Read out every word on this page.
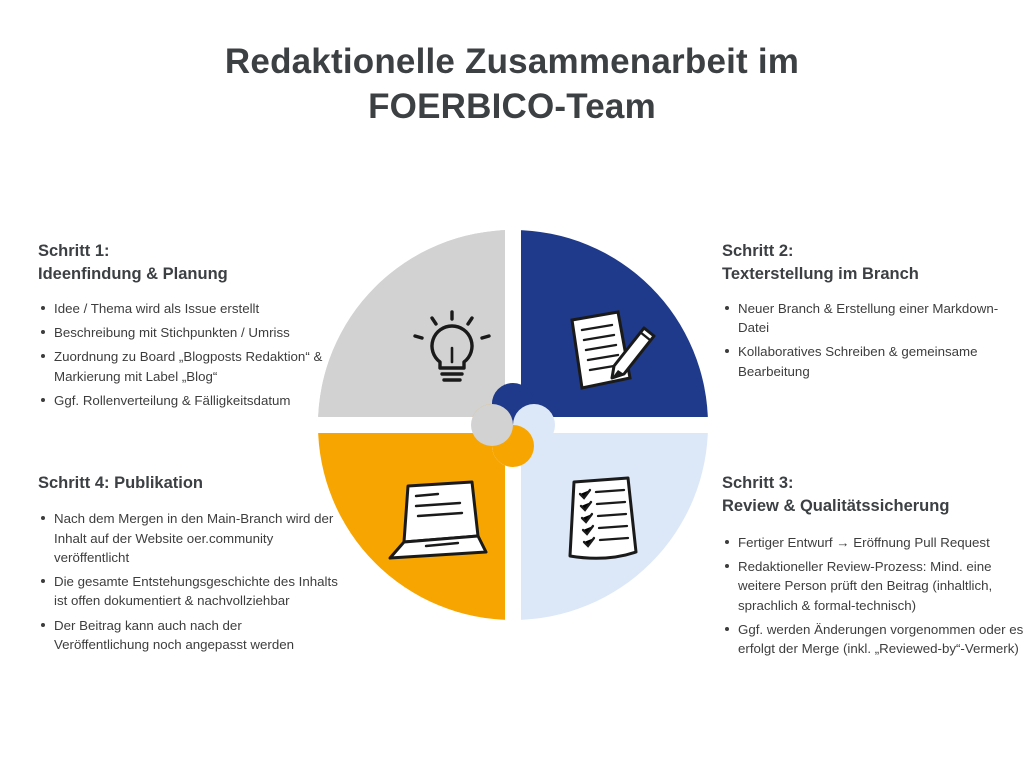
Redaktionelle Zusammenarbeit im
FOERBICO-Team
Schritt 1:
Ideenfindung & Planung
Idee / Thema wird als Issue erstellt
Beschreibung mit Stichpunkten / Umriss
Zuordnung zu Board „Blogposts Redaktion“ & Markierung mit Label „Blog“
Ggf. Rollenverteilung & Fälligkeitsdatum
Schritt 2:
Texterstellung im Branch
Neuer Branch & Erstellung einer Markdown-Datei
Kollaboratives Schreiben & gemeinsame Bearbeitung
Schritt 3:
Review & Qualitätssicherung
Fertiger Entwurf → Eröffnung Pull Request
Redaktioneller Review-Prozess: Mind. eine weitere Person prüft den Beitrag (inhaltlich, sprachlich & formal-technisch)
Ggf. werden Änderungen vorgenommen oder es erfolgt der Merge (inkl. „Reviewed-by“-Vermerk)
Schritt 4: Publikation
Nach dem Mergen in den Main-Branch wird der Inhalt auf der Website oer.community veröffentlicht
Die gesamte Entstehungsgeschichte des Inhalts ist offen dokumentiert & nachvollziehbar
Der Beitrag kann auch nach der Veröffentlichung noch angepasst werden
